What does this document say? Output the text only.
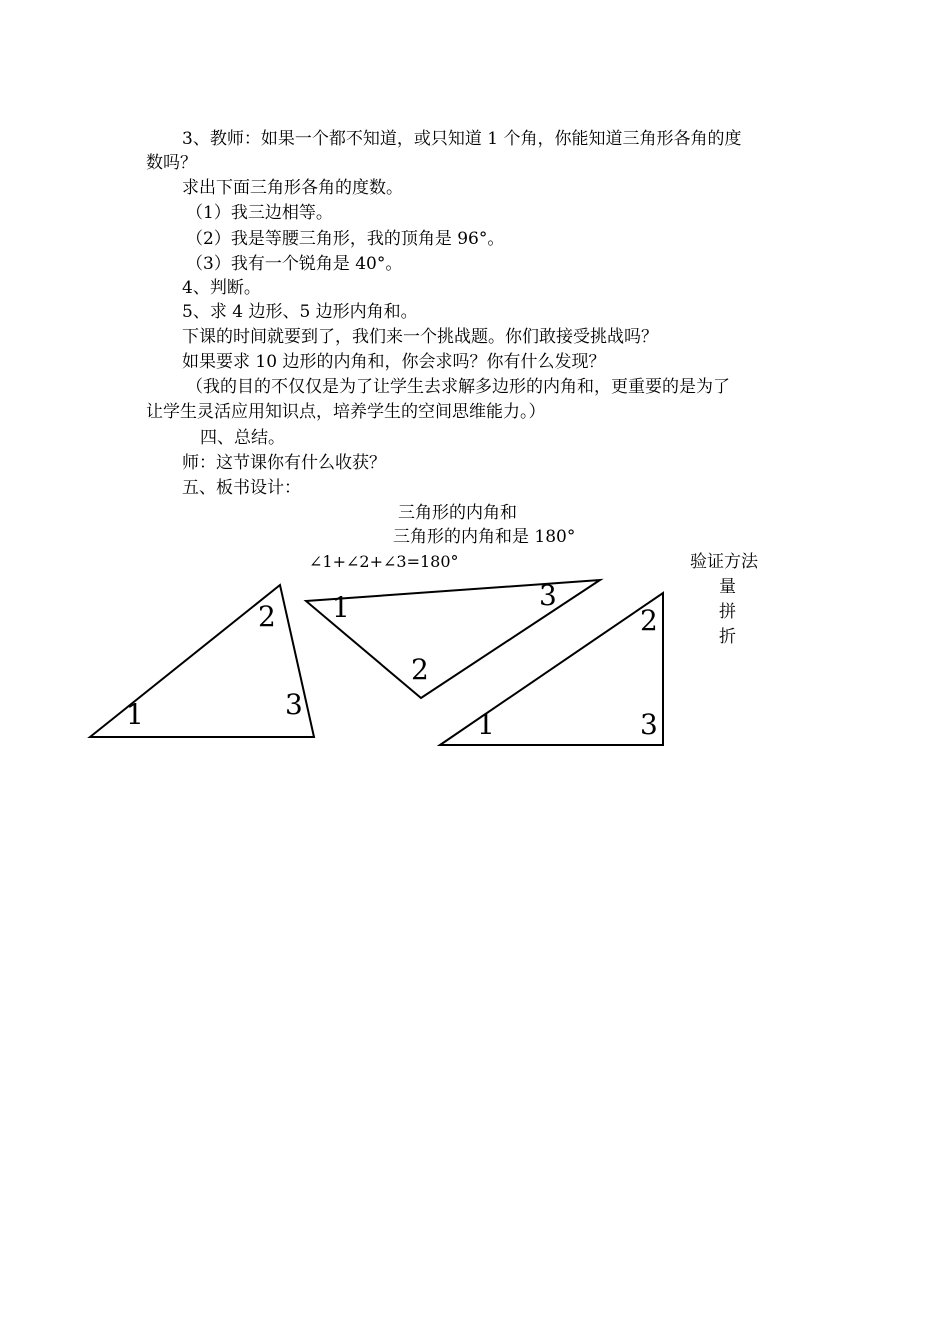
3、教师：如果一个都不知道，或只知道 1 个角，你能知道三角形各角的度
数吗？
求出下面三角形各角的度数。
（1）我三边相等。
（2）我是等腰三角形，我的顶角是 96°。
（3）我有一个锐角是 40°。
4、判断。
5、求 4 边形、5 边形内角和。
下课的时间就要到了，我们来一个挑战题。你们敢接受挑战吗？
如果要求 10 边形的内角和，你会求吗？你有什么发现？
（我的目的不仅仅是为了让学生去求解多边形的内角和，更重要的是为了
让学生灵活应用知识点，培养学生的空间思维能力。）
四、总结。
师：这节课你有什么收获？
五、板书设计：
三角形的内角和
三角形的内角和是 180°
∠1+∠2+∠3=180°	验证方法
量
拼
折
1
2
3
1
2
3
1
2
3
